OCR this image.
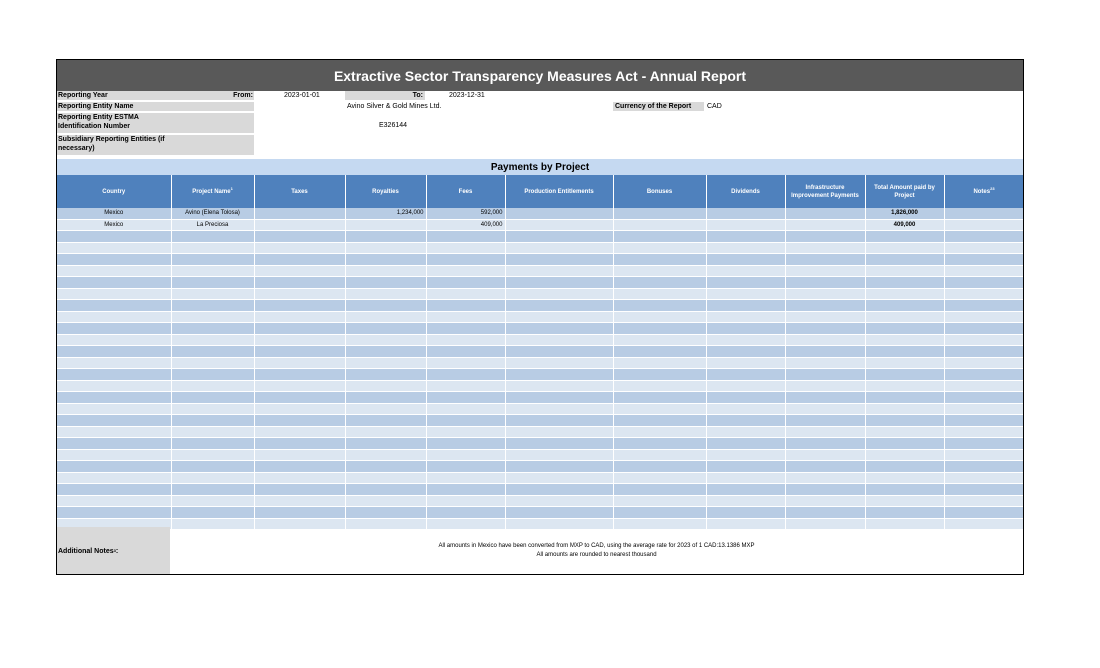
Extractive Sector Transparency Measures Act - Annual Report
Reporting Year	From:	2023-01-01	To:	2023-12-31
Reporting Entity Name	Avino Silver & Gold Mines Ltd.	Currency of the Report	CAD
Reporting Entity ESTMA Identification Number	E326144
Subsidiary Reporting Entities (if necessary)
Payments by Project
Country	Project Name$^1$	Taxes	Royalties	Fees	Production Entitlements	Bonuses	Dividends	Infrastructure Improvement Payments	Total Amount paid by Project	Notes$^{23}$
Mexico	Avino (Elena Tolosa)		1,234,000	592,000					1,826,000	
Mexico	La Preciosa			409,000					409,000	

Additional Notes 3 :
All amounts in Mexico have been converted from MXP to CAD, using the average rate for 2023 of 1 CAD:13.1386 MXP
All amounts are rounded to nearest thousand
